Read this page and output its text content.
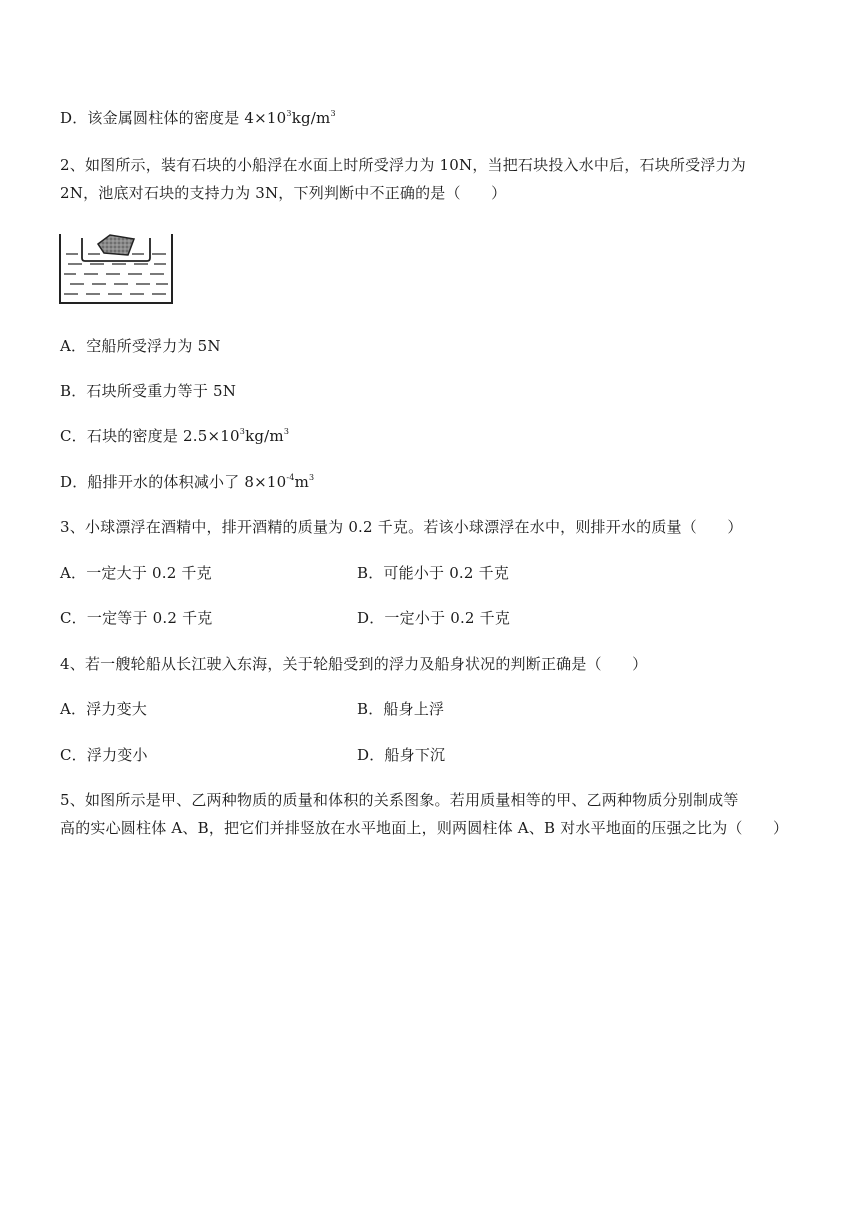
D．该金属圆柱体的密度是 $4\times 10^3kg/m^3$
2、如图所示，装有石块的小船浮在水面上时所受浮力为 10N，当把石块投入水中后，石块所受浮力为
2N，池底对石块的支持力为 3N，下列判断中不正确的是（　　）
A．空船所受浮力为 5N
B．石块所受重力等于 5N
C．石块的密度是 $2.5\times 10^3kg/m^3$
D．船排开水的体积减小了 $8\times 10^{-4}m^3$
3、小球漂浮在酒精中，排开酒精的质量为 0.2 千克。若该小球漂浮在水中，则排开水的质量（　　）
A．一定大于 0.2 千克	B．可能小于 0.2 千克
C．一定等于 0.2 千克	D．一定小于 0.2 千克
4、若一艘轮船从长江驶入东海，关于轮船受到的浮力及船身状况的判断正确是（　　）
A．浮力变大	B．船身上浮
C．浮力变小	D．船身下沉
5、如图所示是甲、乙两种物质的质量和体积的关系图象。若用质量相等的甲、乙两种物质分别制成等
高的实心圆柱体 A、B，把它们并排竖放在水平地面上，则两圆柱体 A、B 对水平地面的压强之比为（　　）
